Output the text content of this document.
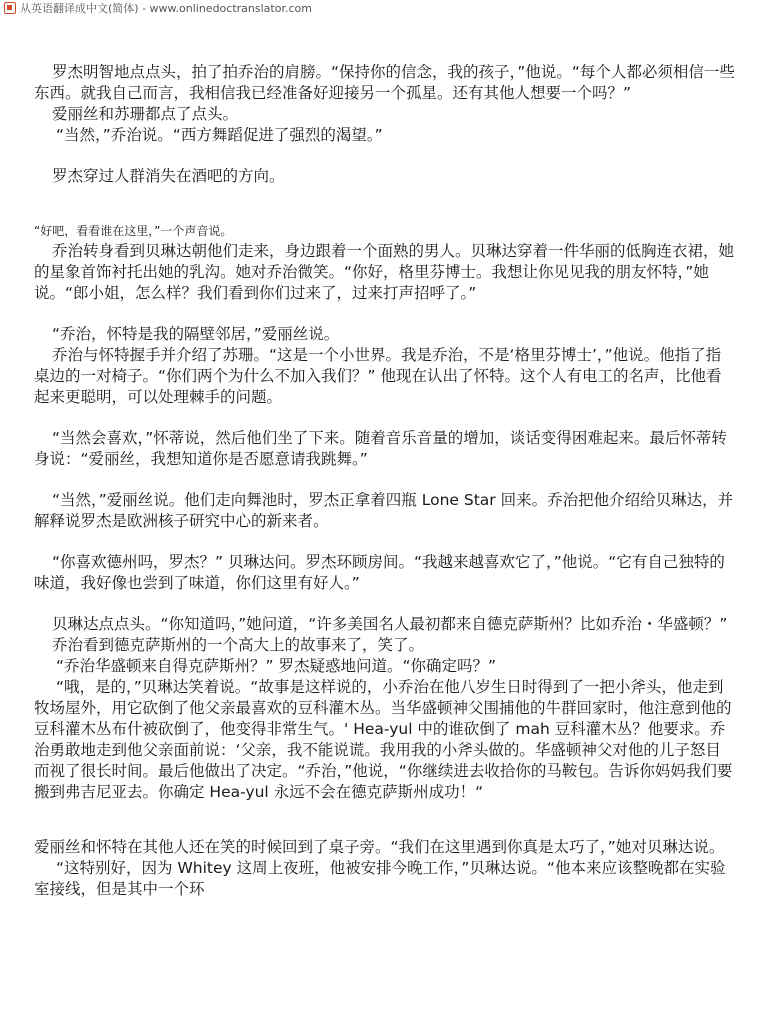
从英语翻译成中文(简体) - www.onlinedoctranslator.com

罗杰明智地点点头，拍了拍乔治的肩膀。“保持你的信念，我的孩子，”他说。“每个人都必须相信一些东西。就我自己而言，我相信我已经准备好迎接另一个孤星。还有其他人想要一个吗？”

爱丽丝和苏珊都点了点头。

“当然，”乔治说。“西方舞蹈促进了强烈的渴望。”

罗杰穿过人群消失在酒吧的方向。

“好吧，看看谁在这里，”一个声音说。

乔治转身看到贝琳达朝他们走来，身边跟着一个面熟的男人。贝琳达穿着一件华丽的低胸连衣裙，她的星象首饰衬托出她的乳沟。她对乔治微笑。“你好，格里芬博士。我想让你见见我的朋友怀特，”她说。“郎小姐，怎么样？我们看到你们过来了，过来打声招呼了。”

“乔治，怀特是我的隔壁邻居，”爱丽丝说。

乔治与怀特握手并介绍了苏珊。“这是一个小世界。我是乔治，不是‘格里芬博士’，”他说。他指了指桌边的一对椅子。“你们两个为什么不加入我们？” 他现在认出了怀特。这个人有电工的名声，比他看起来更聪明，可以处理棘手的问题。

“当然会喜欢，”怀蒂说，然后他们坐了下来。随着音乐音量的增加，谈话变得困难起来。最后怀蒂转身说：“爱丽丝，我想知道你是否愿意请我跳舞。”

“当然，”爱丽丝说。他们走向舞池时，罗杰正拿着四瓶 Lone Star 回来。乔治把他介绍给贝琳达，并解释说罗杰是欧洲核子研究中心的新来者。

“你喜欢德州吗，罗杰？” 贝琳达问。罗杰环顾房间。“我越来越喜欢它了，”他说。“它有自己独特的味道，我好像也尝到了味道，你们这里有好人。”

贝琳达点点头。“你知道吗，”她问道，“许多美国名人最初都来自德克萨斯州？比如乔治・华盛顿？”

乔治看到德克萨斯州的一个高大上的故事来了，笑了。

“乔治华盛顿来自得克萨斯州？” 罗杰疑惑地问道。“你确定吗？”

“哦，是的，”贝琳达笑着说。“故事是这样说的，小乔治在他八岁生日时得到了一把小斧头，他走到牧场屋外，用它砍倒了他父亲最喜欢的豆科灌木丛。当华盛顿神父围捕他的牛群回家时，他注意到他的豆科灌木丛布什被砍倒了，他变得非常生气。' Hea-yul 中的谁砍倒了 mah 豆科灌木丛？他要求。乔治勇敢地走到他父亲面前说：‘父亲，我不能说谎。我用我的小斧头做的。华盛顿神父对他的儿子怒目而视了很长时间。最后他做出了决定。“乔治，”他说，“你继续进去收拾你的马鞍包。告诉你妈妈我们要搬到弗吉尼亚去。你确定 Hea-yul 永远不会在德克萨斯州成功！“

爱丽丝和怀特在其他人还在笑的时候回到了桌子旁。“我们在这里遇到你真是太巧了，”她对贝琳达说。

“这特别好，因为 Whitey 这周上夜班，他被安排今晚工作，”贝琳达说。“他本来应该整晚都在实验室接线，但是其中一个环
